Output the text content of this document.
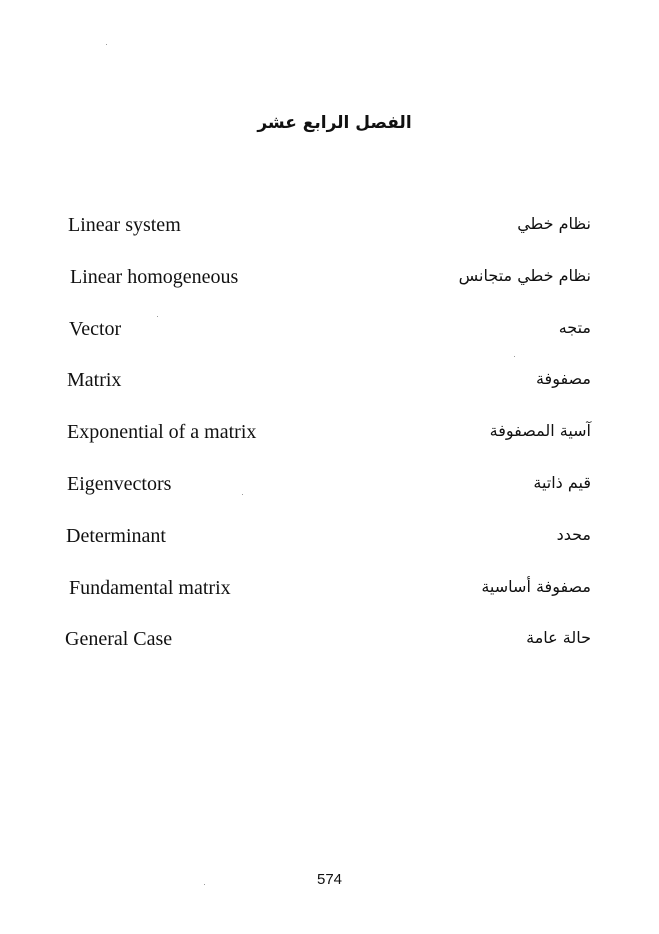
الفصل الرابع عشر
Linear system	نظام خطي
Linear homogeneous	نظام خطي متجانس
Vector	متجه
Matrix	مصفوفة
Exponential of a matrix	آسية المصفوفة
Eigenvectors	قيم ذاتية
Determinant	محدد
Fundamental matrix	مصفوفة أساسية
General Case	حالة عامة
574
